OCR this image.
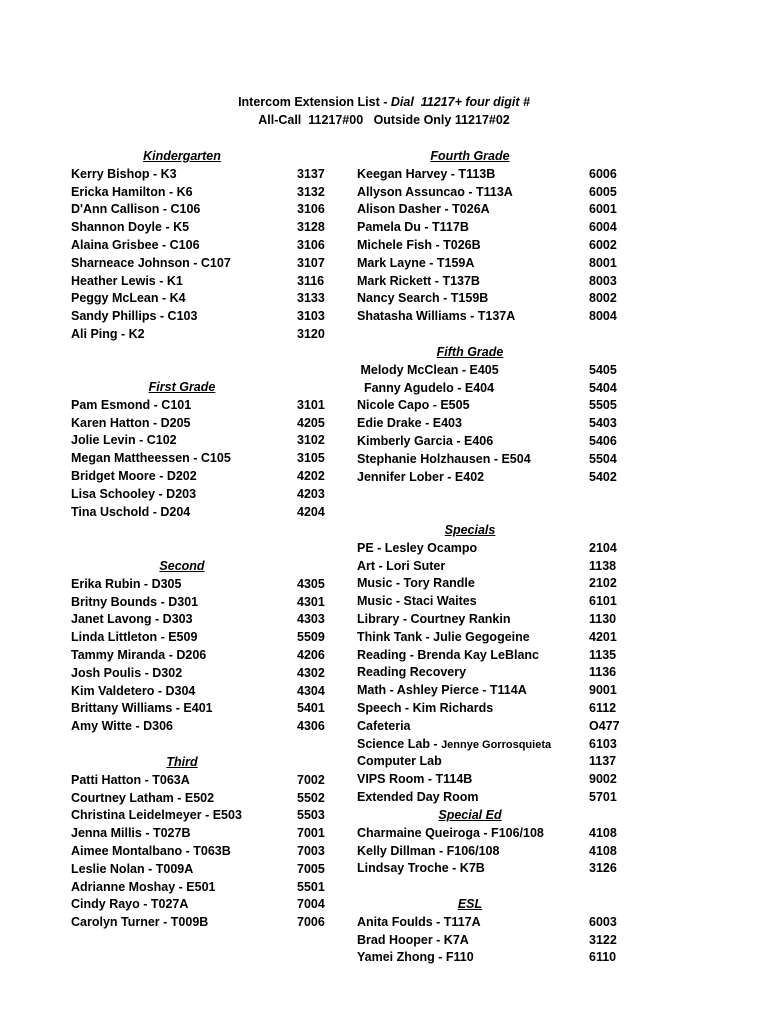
Intercom Extension List - Dial  11217+ four digit #
All-Call  11217#00   Outside Only 11217#02
Kindergarten
Kerry Bishop - K3	3137
Ericka Hamilton - K6	3132
D'Ann Callison - C106	3106
Shannon Doyle - K5	3128
Alaina Grisbee - C106	3106
Sharneace Johnson - C107	3107
Heather Lewis - K1	3116
Peggy McLean - K4	3133
Sandy Phillips - C103	3103
Ali Ping - K2	3120
First Grade
Pam Esmond - C101	3101
Karen Hatton - D205	4205
Jolie Levin - C102	3102
Megan Mattheessen - C105	3105
Bridget Moore - D202	4202
Lisa Schooley - D203	4203
Tina Uschold - D204	4204
Second
Erika Rubin - D305	4305
Britny Bounds - D301	4301
Janet Lavong - D303	4303
Linda Littleton - E509	5509
Tammy Miranda - D206	4206
Josh Poulis - D302	4302
Kim Valdetero - D304	4304
Brittany Williams - E401	5401
Amy Witte - D306	4306
Third
Patti Hatton - T063A	7002
Courtney Latham - E502	5502
Christina Leidelmeyer - E503	5503
Jenna Millis - T027B	7001
Aimee Montalbano - T063B	7003
Leslie Nolan - T009A	7005
Adrianne Moshay - E501	5501
Cindy Rayo - T027A	7004
Carolyn Turner - T009B	7006
Fourth Grade
Keegan Harvey - T113B	6006
Allyson Assuncao - T113A	6005
Alison Dasher - T026A	6001
Pamela Du - T117B	6004
Michele Fish - T026B	6002
Mark Layne - T159A	8001
Mark Rickett - T137B	8003
Nancy Search - T159B	8002
Shatasha Williams - T137A	8004
Fifth Grade
Melody McClean - E405	5405
Fanny Agudelo - E404	5404
Nicole Capo - E505	5505
Edie Drake - E403	5403
Kimberly Garcia - E406	5406
Stephanie Holzhausen - E504	5504
Jennifer Lober - E402	5402
Specials
PE - Lesley Ocampo	2104
Art - Lori Suter	1138
Music - Tory Randle	2102
Music - Staci Waites	6101
Library - Courtney Rankin	1130
Think Tank - Julie Gegogeine	4201
Reading - Brenda Kay LeBlanc	1135
Reading Recovery	1136
Math - Ashley Pierce - T114A	9001
Speech - Kim Richards	6112
Cafeteria	O477
Science Lab - Jennye Gorrosquieta	6103
Computer Lab	1137
VIPS Room - T114B	9002
Extended Day Room	5701
Special Ed
Charmaine Queiroga - F106/108	4108
Kelly Dillman - F106/108	4108
Lindsay Troche - K7B	3126
ESL
Anita Foulds - T117A	6003
Brad Hooper - K7A	3122
Yamei Zhong - F110	6110
